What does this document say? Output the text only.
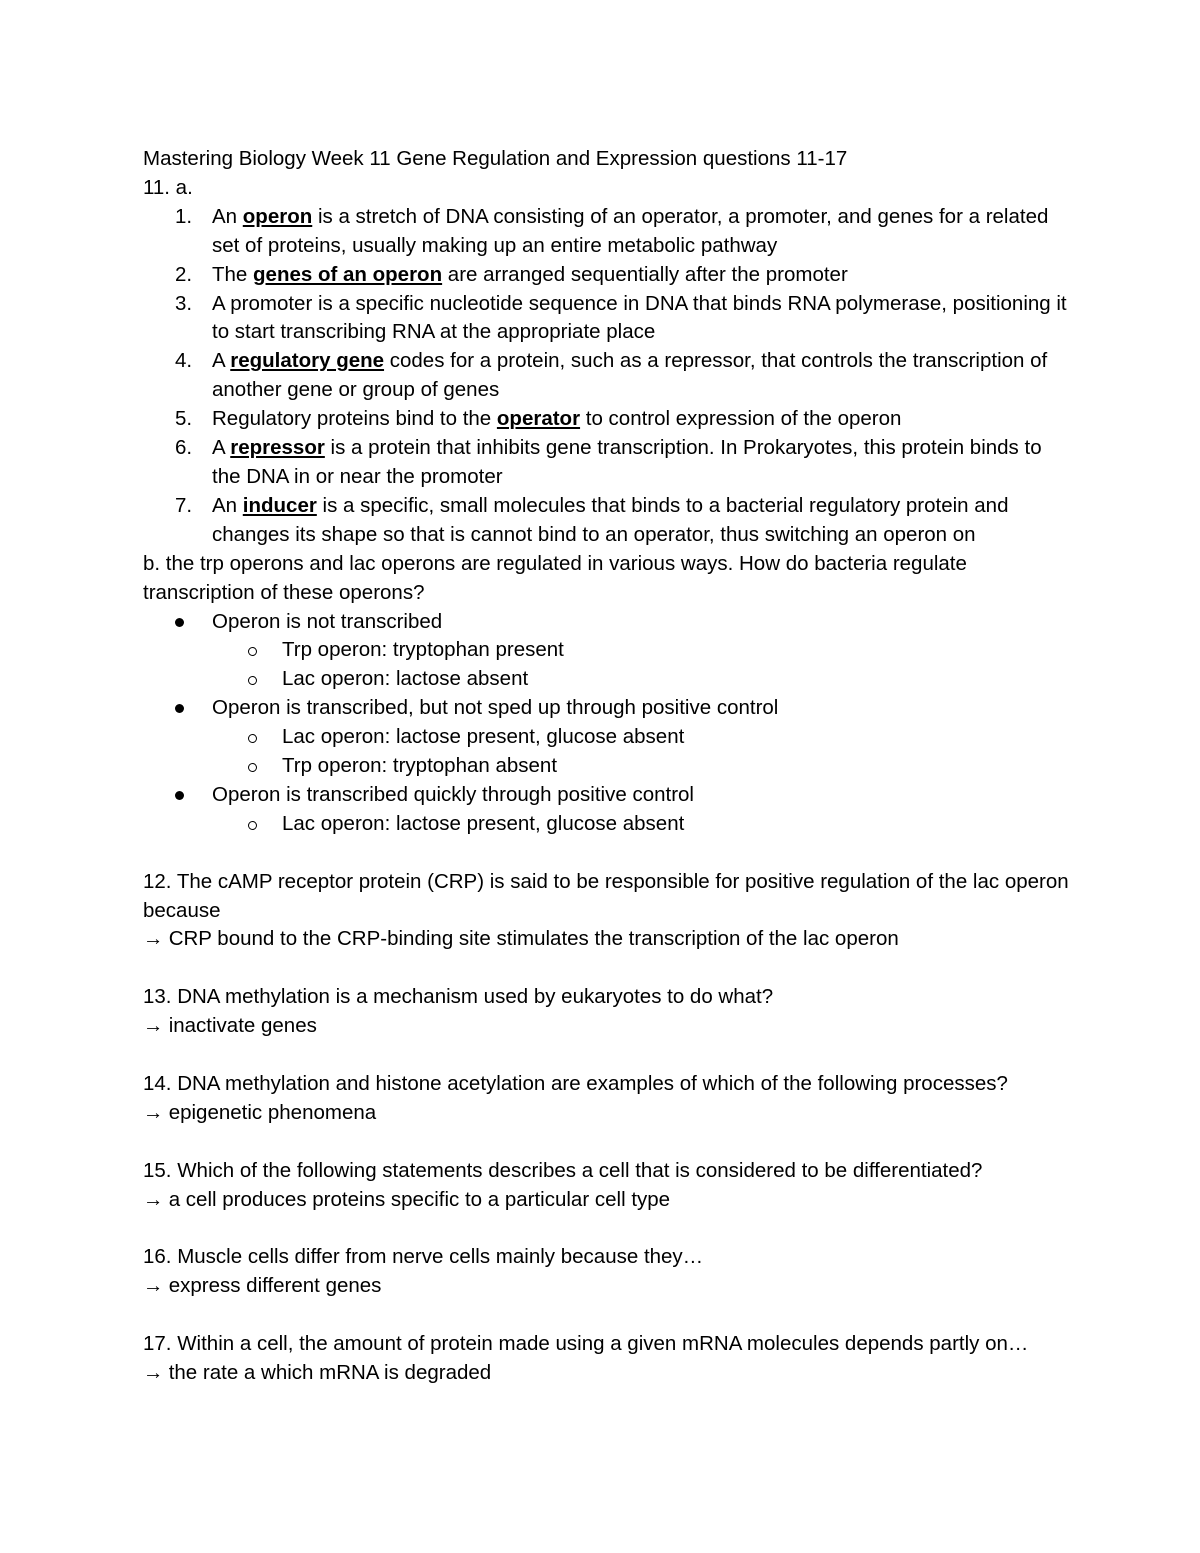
Mastering Biology Week 11 Gene Regulation and Expression questions 11-17
11. a.
1. An operon is a stretch of DNA consisting of an operator, a promoter, and genes for a related set of proteins, usually making up an entire metabolic pathway
2. The genes of an operon are arranged sequentially after the promoter
3. A promoter is a specific nucleotide sequence in DNA that binds RNA polymerase, positioning it to start transcribing RNA at the appropriate place
4. A regulatory gene codes for a protein, such as a repressor, that controls the transcription of another gene or group of genes
5. Regulatory proteins bind to the operator to control expression of the operon
6. A repressor is a protein that inhibits gene transcription. In Prokaryotes, this protein binds to the DNA in or near the promoter
7. An inducer is a specific, small molecules that binds to a bacterial regulatory protein and changes its shape so that is cannot bind to an operator, thus switching an operon on
b. the trp operons and lac operons are regulated in various ways. How do bacteria regulate transcription of these operons?
Operon is not transcribed
Trp operon: tryptophan present
Lac operon: lactose absent
Operon is transcribed, but not sped up through positive control
Lac operon: lactose present, glucose absent
Trp operon: tryptophan absent
Operon is transcribed quickly through positive control
Lac operon: lactose present, glucose absent
12. The cAMP receptor protein (CRP) is said to be responsible for positive regulation of the lac operon because
→ CRP bound to the CRP-binding site stimulates the transcription of the lac operon
13. DNA methylation is a mechanism used by eukaryotes to do what?
→ inactivate genes
14. DNA methylation and histone acetylation are examples of which of the following processes?
→ epigenetic phenomena
15. Which of the following statements describes a cell that is considered to be differentiated?
→ a cell produces proteins specific to a particular cell type
16. Muscle cells differ from nerve cells mainly because they…
→ express different genes
17. Within a cell, the amount of protein made using a given mRNA molecules depends partly on…
→ the rate a which mRNA is degraded
